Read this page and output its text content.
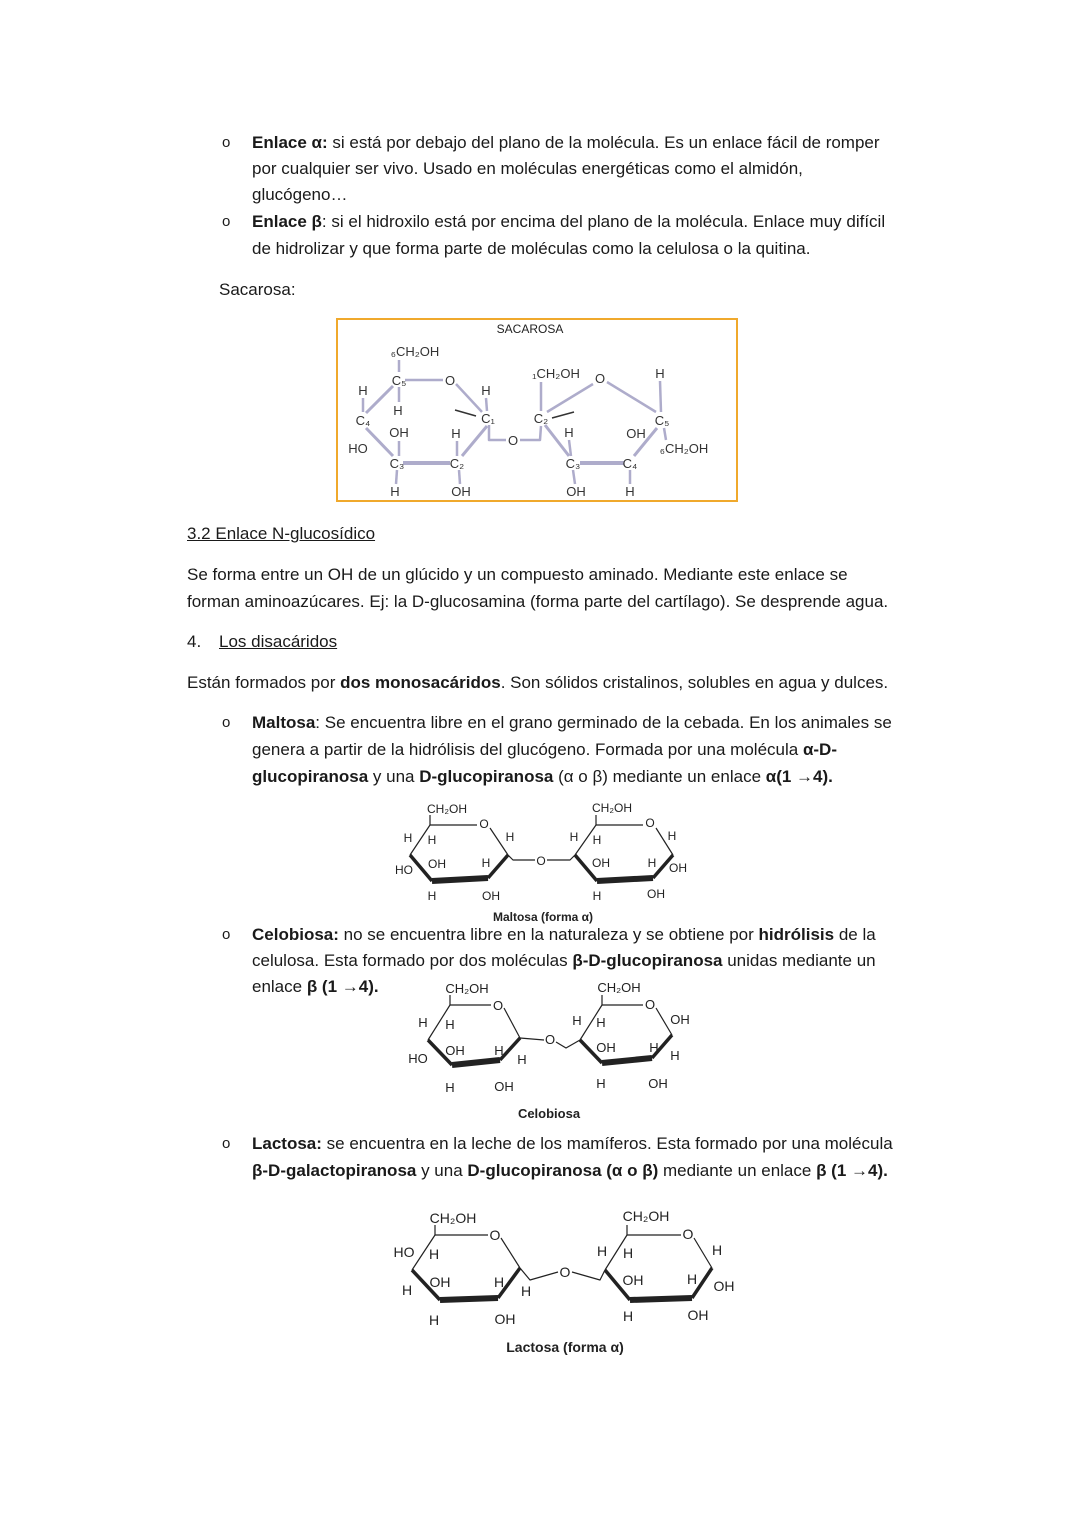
o Enlace α: si está por debajo del plano de la molécula. Es un enlace fácil de romper
por cualquier ser vivo. Usado en moléculas energéticas como el almidón,
glucógeno…
o Enlace β: si el hidroxilo está por encima del plano de la molécula. Enlace muy difícil
de hidrolizar y que forma parte de moléculas como la celulosa o la quitina.
Sacarosa:
3.2 Enlace N-glucosídico
Se forma entre un OH de un glúcido y un compuesto aminado. Mediante este enlace se
forman aminoazúcares. Ej: la D-glucosamina (forma parte del cartílago). Se desprende agua.
4. Los disacáridos
Están formados por dos monosacáridos. Son sólidos cristalinos, solubles en agua y dulces.
o Maltosa: Se encuentra libre en el grano germinado de la cebada. En los animales se
genera a partir de la hidrólisis del glucógeno. Formada por una molécula α-D-
glucopiranosa y una D-glucopiranosa (α o β) mediante un enlace α(1 →4).
o Celobiosa: no se encuentra libre en la naturaleza y se obtiene por hidrólisis de la
celulosa. Esta formado por dos moléculas β-D-glucopiranosa unidas mediante un
enlace β (1 →4).
o Lactosa: se encuentra en la leche de los mamíferos. Esta formado por una molécula
β-D-galactopiranosa y una D-glucopiranosa (α o β) mediante un enlace β (1 →4).
₆CH₂OH
C₅	O
H	H
H
C₄	C₁
OH	H
HO
C₃	C₂
H	OH
O
₁CH₂OH O	H
C₂
H
C₅
OH
₆CH₂OH
C₃	C₄
OH	H
SACAROSA
CH₂OH
O
H
H H
HO OH	H
H	OH
O
CH₂OH
O
H
H H
OH	H OH
H	OH
Maltosa (forma α)
CH₂OH
O
H H
HO
OH H
H
H	OH
O
CH₂OH
O
H H	OH
OH	H
H
H	OH
Celobiosa
CH₂OH
O
HO H
H OH	H
H
H	OH
O
CH₂OH
O
H H	H
OH	H OH
H	OH
Lactosa (forma α)
